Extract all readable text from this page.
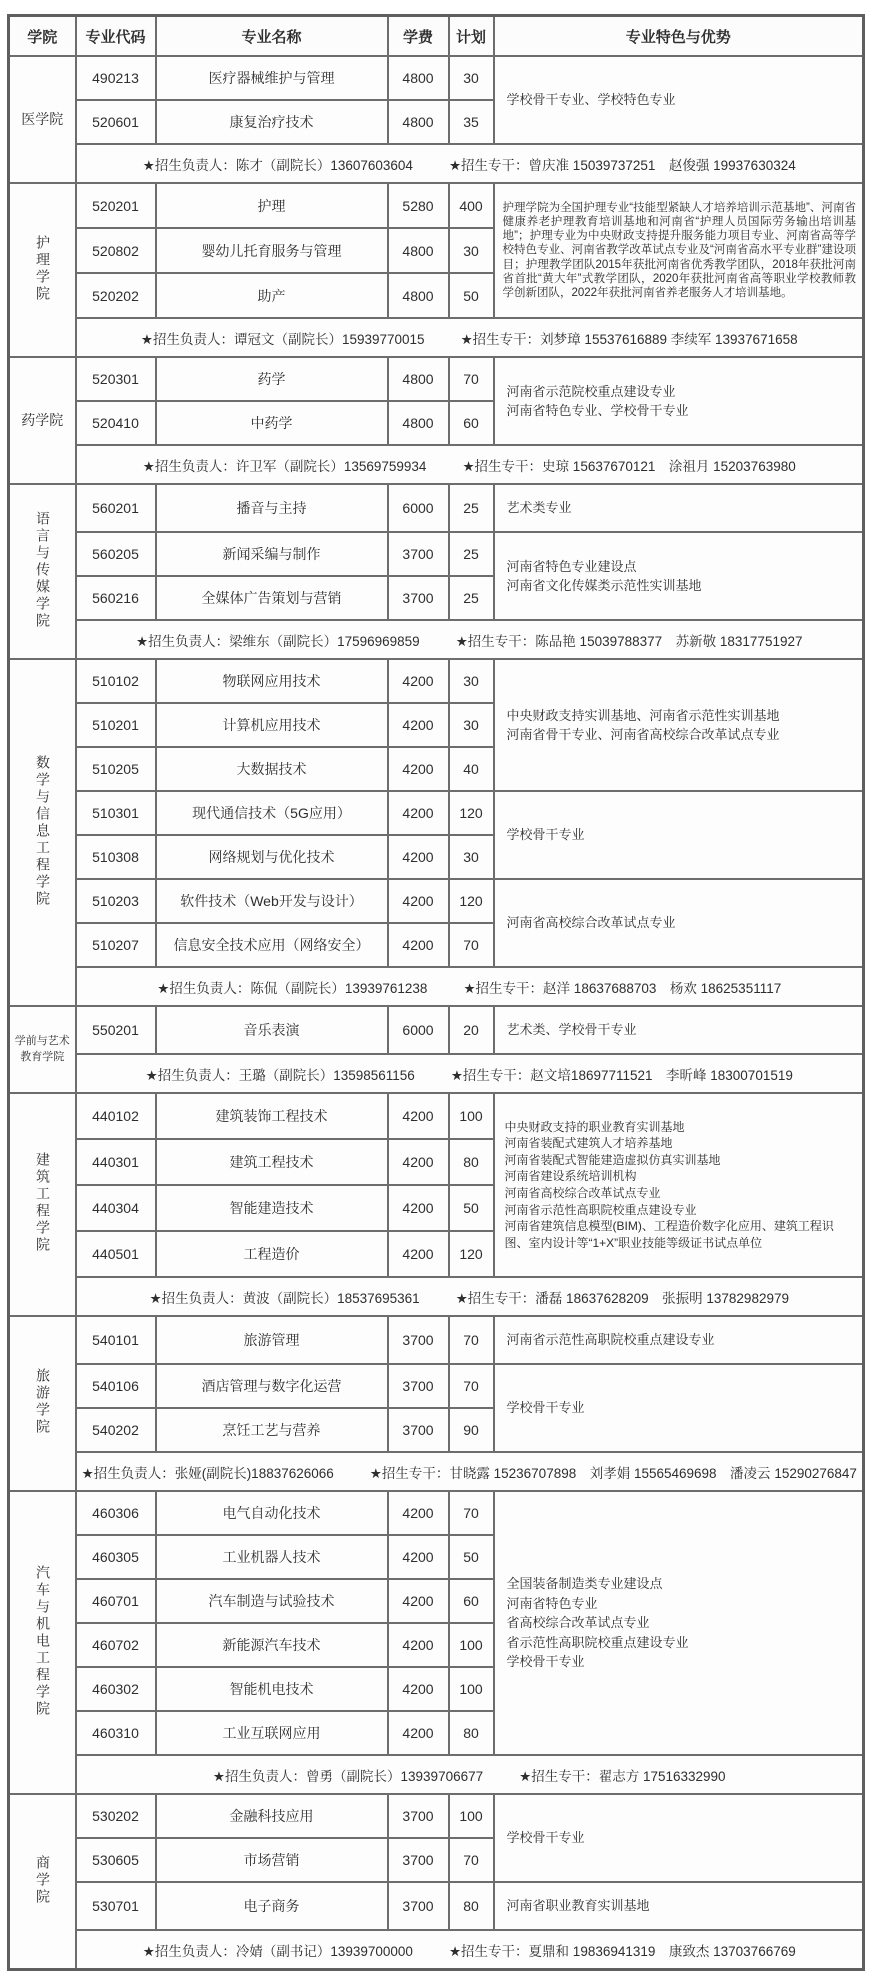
学院	专业代码	专业名称	学费	计划	专业特色与优势

医学院	490213	医疗器械维护与管理	4800	30	学校骨干专业、学校特色专业

	520601	康复治疗技术	4800	35	

	★招生负责人：陈才（副院长）13607603604 ★招生专干：曾庆准 15039737251　赵俊强 19937630324				

护理学院	520201	护理	5280	400	护理学院为全国护理专业“技能型紧缺人才培养培训示范基地”、河南省健康养老护理教育培训基地和河南省“护理人员国际劳务输出培训基地”；护理专业为中央财政支持提升服务能力项目专业、河南省高等学校特色专业、河南省教学改革试点专业及“河南省高水平专业群”建设项目；护理教学团队2015年获批河南省优秀教学团队，2018年获批河南省首批“黄大年”式教学团队，2020年获批河南省高等职业学校教师教学创新团队，2022年获批河南省养老服务人才培训基地。

	520802	婴幼儿托育服务与管理	4800	30	
	520202	助产	4800	50	

	★招生负责人：谭冠文（副院长）15939770015 ★招生专干：刘梦璋 15537616889 李续军 13937671658				

药学院	520301	药学	4800	70	河南省示范院校重点建设专业
河南省特色专业、学校骨干专业

	520410	中药学	4800	60	

	★招生负责人：许卫军（副院长）13569759934 ★招生专干：史琼 15637670121　涂祖月 15203763980				

语言与传媒学院	560201	播音与主持	6000	25	艺术类专业

	560205	新闻采编与制作	3700	25	河南省特色专业建设点
河南省文化传媒类示范性实训基地

	560216	全媒体广告策划与营销	3700	25	

	★招生负责人：梁维东（副院长）17596969859 ★招生专干：陈品艳 15039788377　苏新敬 18317751927				

数学与信息工程学院	510102	物联网应用技术	4200	30	中央财政支持实训基地、河南省示范性实训基地
河南省骨干专业、河南省高校综合改革试点专业

	510201	计算机应用技术	4200	30	
	510205	大数据技术	4200	40	
	510301	现代通信技术（5G应用）	4200	120	学校骨干专业

	510308	网络规划与优化技术	4200	30	
	510203	软件技术（Web开发与设计）	4200	120	河南省高校综合改革试点专业

	510207	信息安全技术应用（网络安全）	4200	70	

	★招生负责人：陈侃（副院长）13939761238 ★招生专干：赵洋 18637688703　杨欢 18625351117				

学前与艺术
教育学院	550201	音乐表演	6000	20	艺术类、学校骨干专业

	★招生负责人：王璐（副院长）13598561156 ★招生专干：赵文培18697711521　李昕峰 18300701519				

建筑工程学院
	440102	建筑装饰工程技术	4200	100	
中央财政支持的职业教育实训基地
河南省装配式建筑人才培养基地
河南省装配式智能建造虚拟仿真实训基地
河南省建设系统培训机构
河南省高校综合改革试点专业
河南省示范性高职院校重点建设专业
河南省建筑信息模型(BIM)、工程造价数字化应用、建筑工程识图、室内设计等“1+X”职业技能等级证书试点单位

	440301	建筑工程技术	4200	80	
	440304	智能建造技术	4200	50	
	440501	工程造价	4200	120	

	★招生负责人：黄波（副院长）18537695361 ★招生专干：潘磊 18637628209　张振明 13782982979				

旅游学院	540101	旅游管理	3700	70	河南省示范性高职院校重点建设专业

	540106	酒店管理与数字化运营	3700	70	学校骨干专业

	540202	烹饪工艺与营养	3700	90	

	★招生负责人：张娅(副院长)18837626066 ★招生专干：甘晓露 15236707898　刘孝娟 15565469698　潘凌云 15290276847				

汽车与机电工程学院	460306	电气自动化技术	4200	70	全国装备制造类专业建设点
河南省特色专业
省高校综合改革试点专业
省示范性高职院校重点建设专业
学校骨干专业

	460305	工业机器人技术	4200	50	
	460701	汽车制造与试验技术	4200	60	
	460702	新能源汽车技术	4200	100	
	460302	智能机电技术	4200	100	
	460310	工业互联网应用	4200	80	

	★招生负责人：曾勇（副院长）13939706677 ★招生专干：翟志方 17516332990				

商学院	530202	金融科技应用	3700	100	学校骨干专业

	530605	市场营销	3700	70	
	530701	电子商务	3700	80	河南省职业教育实训基地

	★招生负责人：冷婧（副书记）13939700000 ★招生专干：夏鼎和 19836941319　康致杰 13703766769				
